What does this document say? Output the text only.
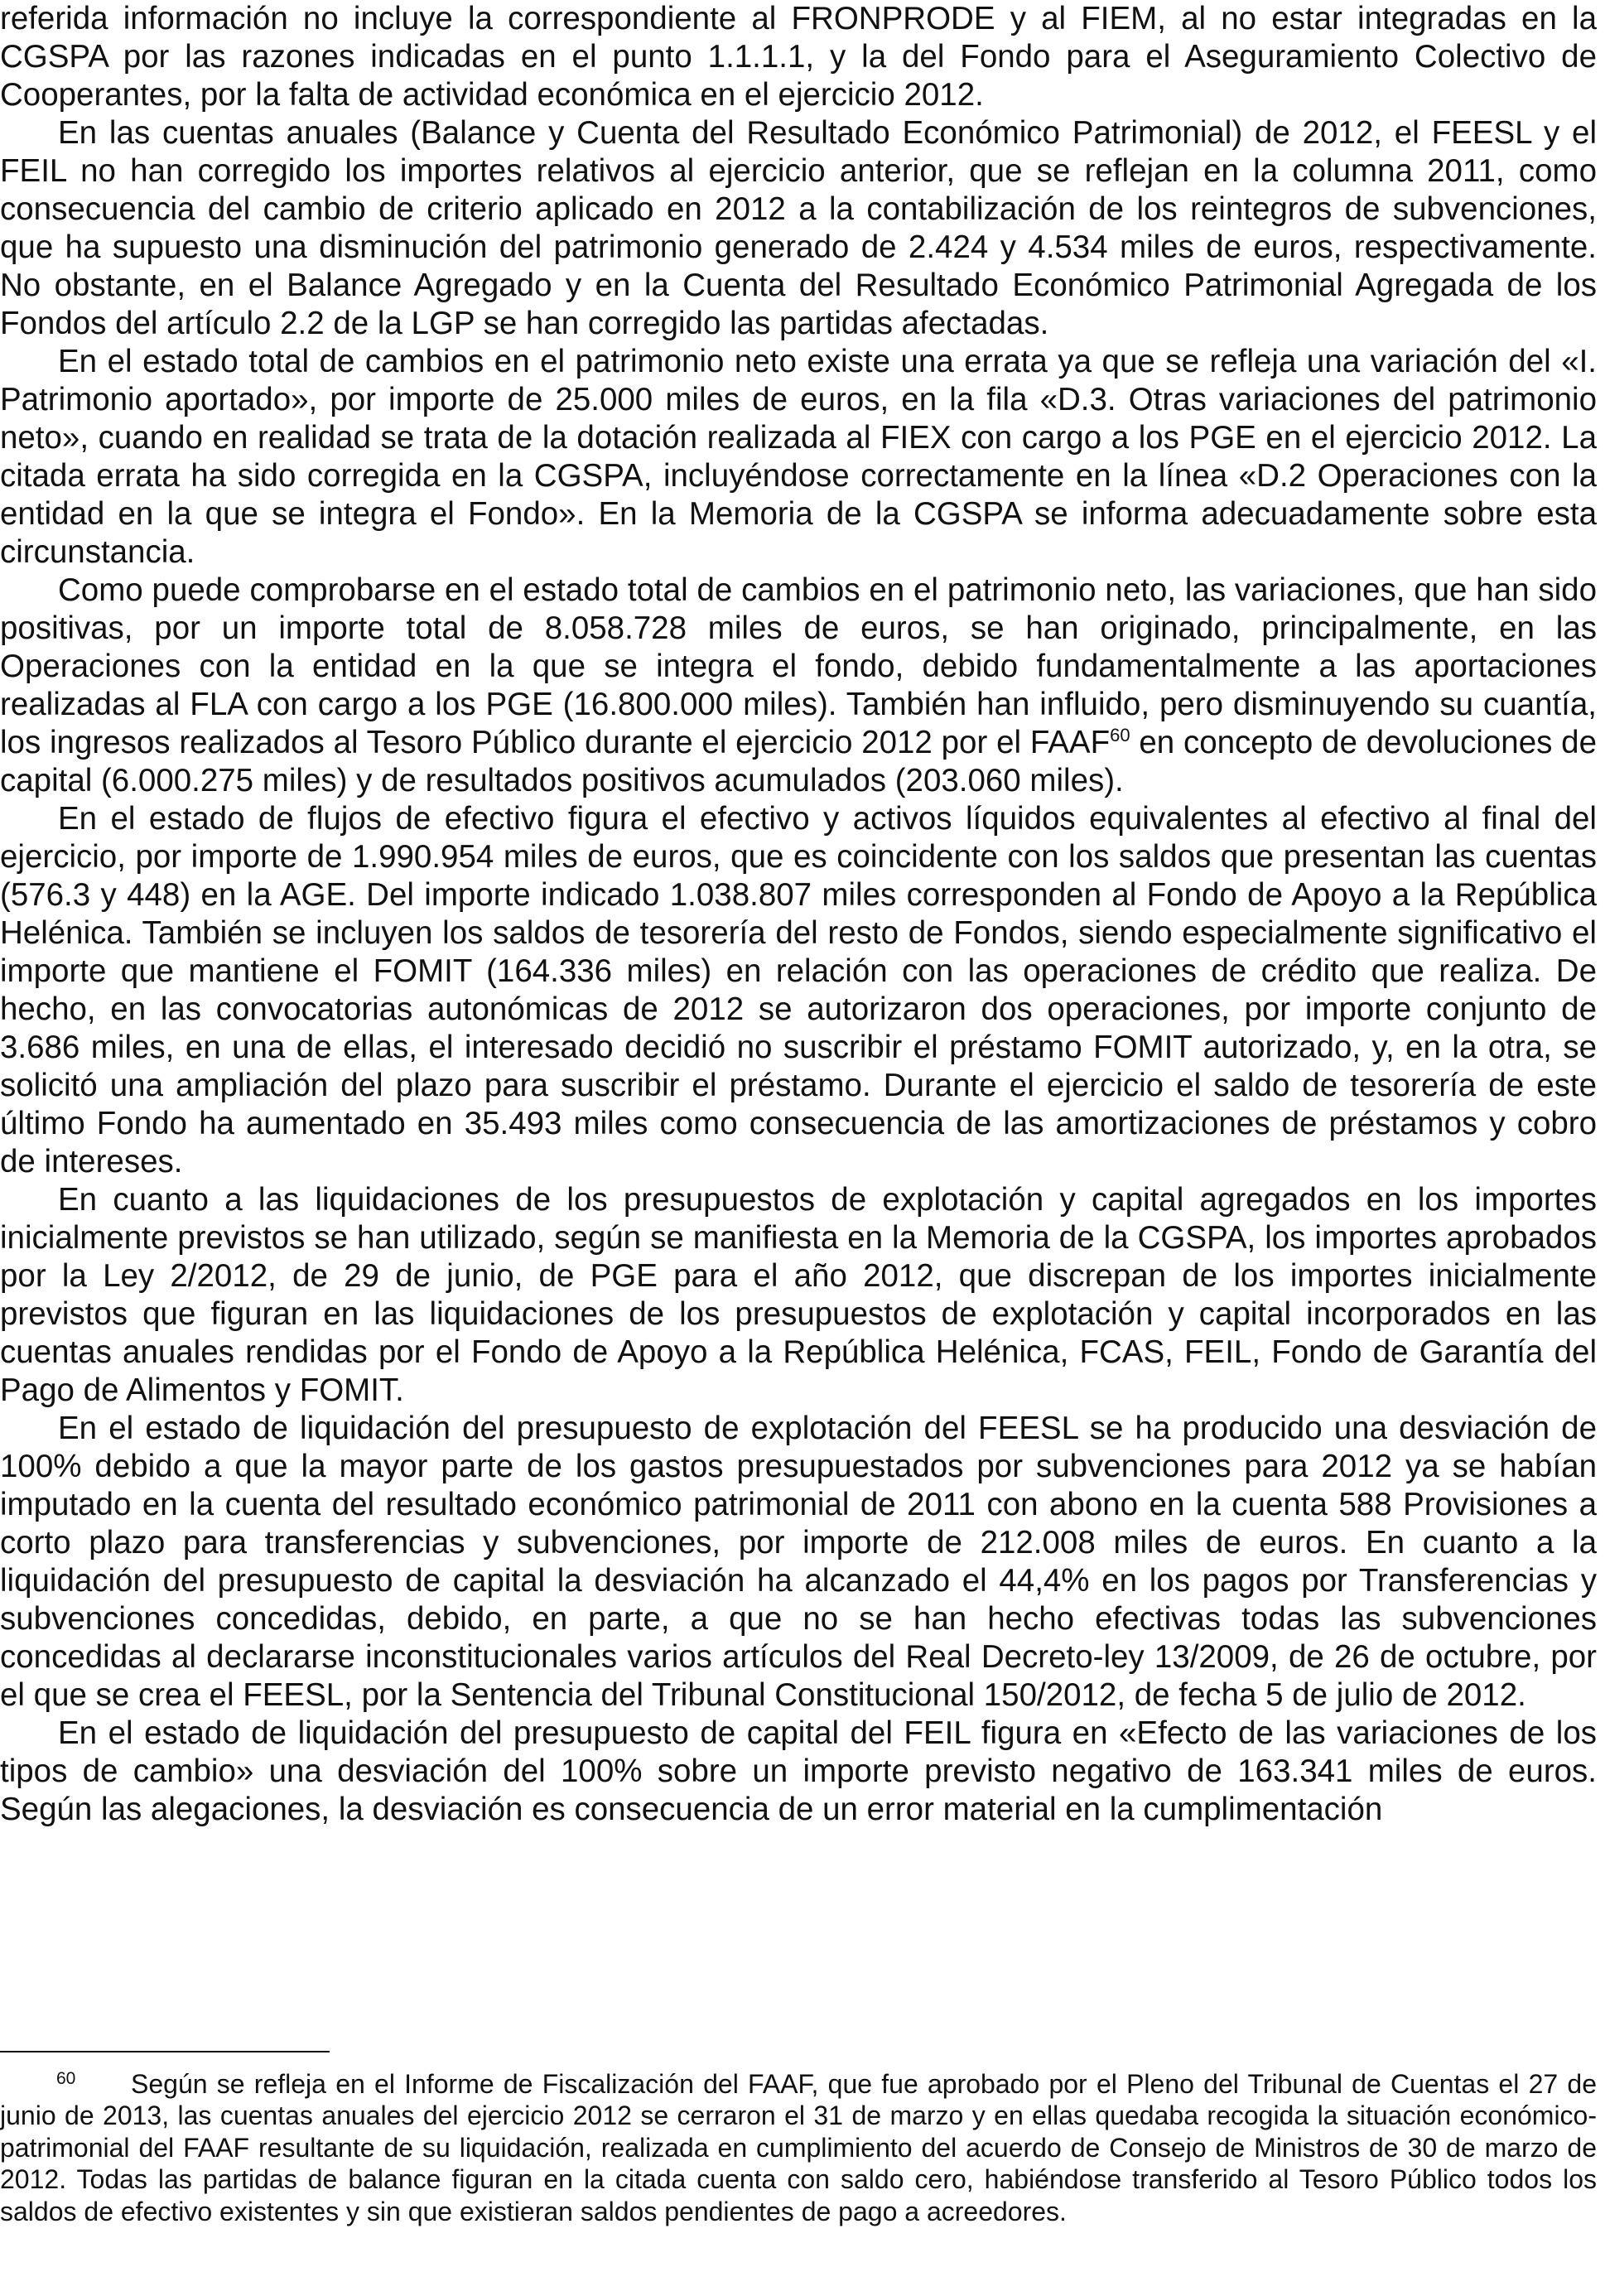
referida información no incluye la correspondiente al FRONPRODE y al FIEM, al no estar integradas en la CGSPA por las razones indicadas en el punto 1.1.1.1, y la del Fondo para el Aseguramiento Colectivo de Cooperantes, por la falta de actividad económica en el ejercicio 2012.

En las cuentas anuales (Balance y Cuenta del Resultado Económico Patrimonial) de 2012, el FEESL y el FEIL no han corregido los importes relativos al ejercicio anterior, que se reflejan en la columna 2011, como consecuencia del cambio de criterio aplicado en 2012 a la contabilización de los reintegros de subvenciones, que ha supuesto una disminución del patrimonio generado de 2.424 y 4.534 miles de euros, respectivamente. No obstante, en el Balance Agregado y en la Cuenta del Resultado Económico Patrimonial Agregada de los Fondos del artículo 2.2 de la LGP se han corregido las partidas afectadas.

En el estado total de cambios en el patrimonio neto existe una errata ya que se refleja una variación del «I. Patrimonio aportado», por importe de 25.000 miles de euros, en la fila «D.3. Otras variaciones del patrimonio neto», cuando en realidad se trata de la dotación realizada al FIEX con cargo a los PGE en el ejercicio 2012. La citada errata ha sido corregida en la CGSPA, incluyéndose correctamente en la línea «D.2 Operaciones con la entidad en la que se integra el Fondo». En la Memoria de la CGSPA se informa adecuadamente sobre esta circunstancia.

Como puede comprobarse en el estado total de cambios en el patrimonio neto, las variaciones, que han sido positivas, por un importe total de 8.058.728 miles de euros, se han originado, principalmente, en las Operaciones con la entidad en la que se integra el fondo, debido fundamentalmente a las aportaciones realizadas al FLA con cargo a los PGE (16.800.000 miles). También han influido, pero disminuyendo su cuantía, los ingresos realizados al Tesoro Público durante el ejercicio 2012 por el FAAF$^{60}$ en concepto de devoluciones de capital (6.000.275 miles) y de resultados positivos acumulados (203.060 miles).

En el estado de flujos de efectivo figura el efectivo y activos líquidos equivalentes al efectivo al final del ejercicio, por importe de 1.990.954 miles de euros, que es coincidente con los saldos que presentan las cuentas (576.3 y 448) en la AGE. Del importe indicado 1.038.807 miles corresponden al Fondo de Apoyo a la República Helénica. También se incluyen los saldos de tesorería del resto de Fondos, siendo especialmente significativo el importe que mantiene el FOMIT (164.336 miles) en relación con las operaciones de crédito que realiza. De hecho, en las convocatorias autonómicas de 2012 se autorizaron dos operaciones, por importe conjunto de 3.686 miles, en una de ellas, el interesado decidió no suscribir el préstamo FOMIT autorizado, y, en la otra, se solicitó una ampliación del plazo para suscribir el préstamo. Durante el ejercicio el saldo de tesorería de este último Fondo ha aumentado en 35.493 miles como consecuencia de las amortizaciones de préstamos y cobro de intereses.

En cuanto a las liquidaciones de los presupuestos de explotación y capital agregados en los importes inicialmente previstos se han utilizado, según se manifiesta en la Memoria de la CGSPA, los importes aprobados por la Ley 2/2012, de 29 de junio, de PGE para el año 2012, que discrepan de los importes inicialmente previstos que figuran en las liquidaciones de los presupuestos de explotación y capital incorporados en las cuentas anuales rendidas por el Fondo de Apoyo a la República Helénica, FCAS, FEIL, Fondo de Garantía del Pago de Alimentos y FOMIT.

En el estado de liquidación del presupuesto de explotación del FEESL se ha producido una desviación de 100% debido a que la mayor parte de los gastos presupuestados por subvenciones para 2012 ya se habían imputado en la cuenta del resultado económico patrimonial de 2011 con abono en la cuenta 588 Provisiones a corto plazo para transferencias y subvenciones, por importe de 212.008 miles de euros. En cuanto a la liquidación del presupuesto de capital la desviación ha alcanzado el 44,4% en los pagos por Transferencias y subvenciones concedidas, debido, en parte, a que no se han hecho efectivas todas las subvenciones concedidas al declararse inconstitucionales varios artículos del Real Decreto-ley 13/2009, de 26 de octubre, por el que se crea el FEESL, por la Sentencia del Tribunal Constitucional 150/2012, de fecha 5 de julio de 2012.

En el estado de liquidación del presupuesto de capital del FEIL figura en «Efecto de las variaciones de los tipos de cambio» una desviación del 100% sobre un importe previsto negativo de 163.341 miles de euros. Según las alegaciones, la desviación es consecuencia de un error material en la cumplimentación

60 Según se refleja en el Informe de Fiscalización del FAAF, que fue aprobado por el Pleno del Tribunal de Cuentas el 27 de junio de 2013, las cuentas anuales del ejercicio 2012 se cerraron el 31 de marzo y en ellas quedaba recogida la situación económico-patrimonial del FAAF resultante de su liquidación, realizada en cumplimiento del acuerdo de Consejo de Ministros de 30 de marzo de 2012. Todas las partidas de balance figuran en la citada cuenta con saldo cero, habiéndose transferido al Tesoro Público todos los saldos de efectivo existentes y sin que existieran saldos pendientes de pago a acreedores.
